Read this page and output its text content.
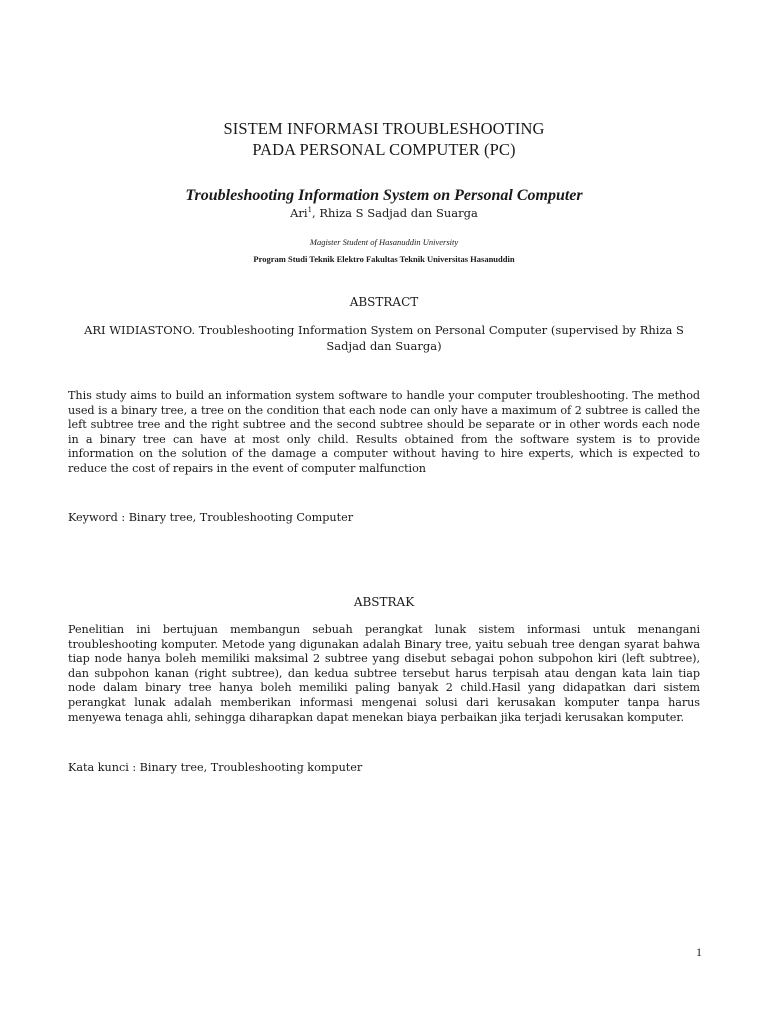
SISTEM INFORMASI TROUBLESHOOTING
PADA PERSONAL COMPUTER (PC)
Troubleshooting Information System on Personal Computer
Ari$^1$, Rhiza S Sadjad dan Suarga
Magister Student of Hasanuddin University
Program Studi Teknik Elektro Fakultas Teknik Universitas Hasanuddin
ABSTRACT
ARI WIDIASTONO. Troubleshooting Information System on Personal Computer (supervised by Rhiza S Sadjad dan Suarga)
This study aims to build an information system software to handle your computer troubleshooting. The method used is a binary tree, a tree on the condition that each node can only have a maximum of 2 subtree is called the left subtree tree and the right subtree and the second subtree should be separate or in other words each node in a binary tree can have at most only child. Results obtained from the software system is to provide information on the solution of the damage a computer without having to hire experts, which is expected to reduce the cost of repairs in the event of computer malfunction
Keyword : Binary tree, Troubleshooting Computer
ABSTRAK
Penelitian ini bertujuan membangun sebuah perangkat lunak sistem informasi untuk menangani troubleshooting komputer. Metode yang digunakan adalah Binary tree, yaitu sebuah tree dengan syarat bahwa tiap node hanya boleh memiliki maksimal 2 subtree yang disebut sebagai pohon subpohon kiri (left subtree), dan subpohon kanan (right subtree), dan kedua subtree tersebut harus terpisah atau dengan kata lain tiap node dalam binary tree hanya boleh memiliki paling banyak 2 child.Hasil yang didapatkan dari sistem perangkat lunak adalah memberikan informasi mengenai solusi dari kerusakan komputer tanpa harus menyewa tenaga ahli, sehingga diharapkan dapat menekan biaya perbaikan jika terjadi kerusakan komputer.
Kata kunci : Binary tree, Troubleshooting komputer
1
